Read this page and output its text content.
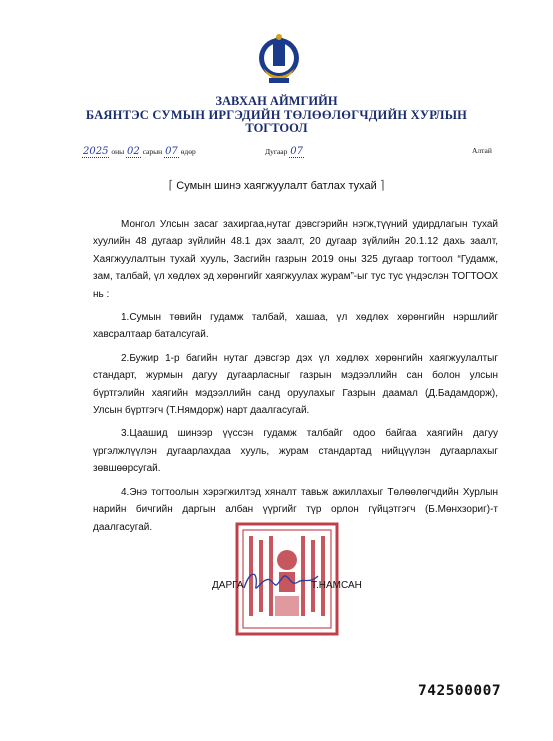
ЗАВХАН АЙМГИЙН
БАЯНТЭС СУМЫН ИРГЭДИЙН ТӨЛӨӨЛӨГЧДИЙН ХУРЛЫН
ТОГТООЛ
2025 оны 02 сарын 07 өдөр	Дугаар 07	Алтай
⌈ Сумын шинэ хаягжуулалт батлах тухай ⌉

Монгол Улсын засаг захиргаа,нутаг дэвсгэрийн нэгж,түүний удирдлагын тухай хуулийн 48 дугаар зүйлийн 48.1 дэх заалт, 20 дугаар зүйлийн 20.1.12 дахь заалт, Хаягжуулалтын тухай хууль, Засгийн газрын 2019 оны 325 дугаар тогтоол “Гудамж, зам, талбай, үл хөдлөх эд хөрөнгийг хаягжуулах журам”-ыг тус тус үндэслэн ТОГТООХ нь :

1.Сумын төвийн гудамж талбай, хашаа, үл хөдлөх хөрөнгийн нэршлийг хавсралтаар баталсугай.

2.Бужир 1-р багийн нутаг дэвсгэр дэх үл хөдлөх хөрөнгийн хаягжуулалтыг стандарт, журмын дагуу дугаарласныг газрын мэдээллийн сан болон улсын бүртгэлийн хаягийн мэдээллийн санд оруулахыг Газрын даамал (Д.Бадамдорж), Улсын бүртгэгч (Т.Нямдорж) нарт даалгасугай.

3.Цаашид шинээр үүссэн гудамж талбайг одоо байгаа хаягийн дагуу үргэлжлүүлэн дугаарлахдаа хууль, журам стандартад нийцүүлэн дугаарлахыг зөвшөөрсугай.

4.Энэ тогтоолын хэрэгжилтэд хяналт тавьж ажиллахыг Төлөөлөгчдийн Хурлын нарийн бичгийн даргын албан үүргийг түр орлон гүйцэтгэгч (Б.Мөнхзориг)-т даалгасугай.

ДАРГА	Т.НАМСАН
742500007
